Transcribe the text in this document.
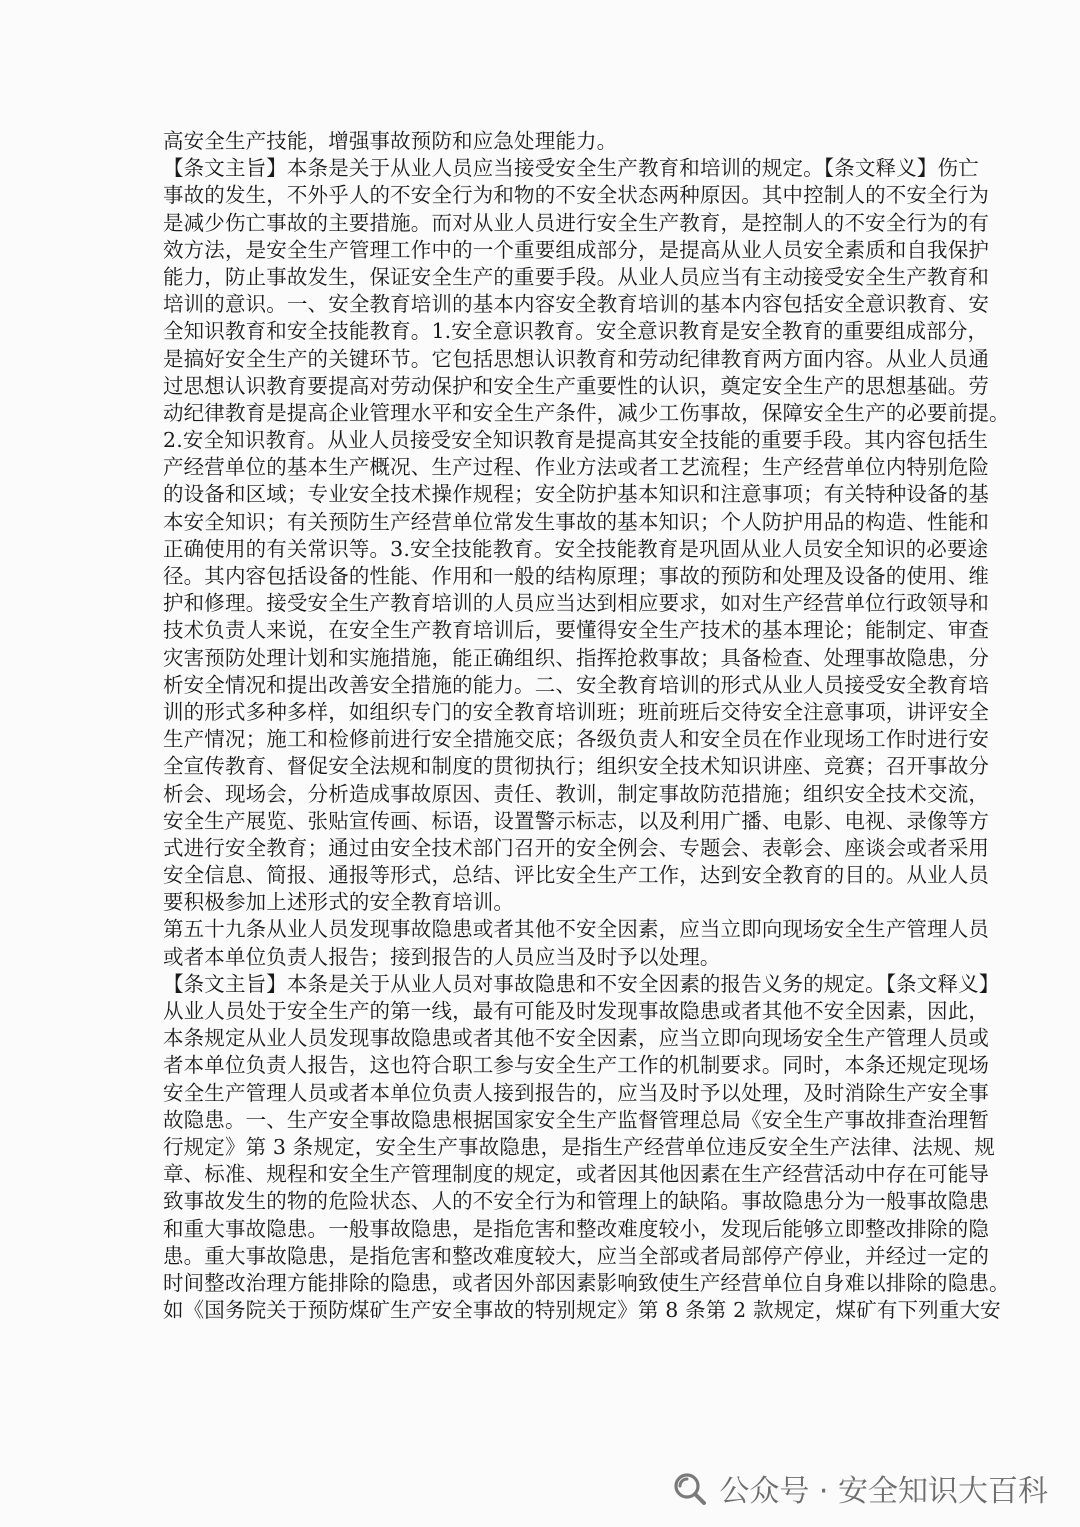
高安全生产技能，增强事故预防和应急处理能力。
【条文主旨】本条是关于从业人员应当接受安全生产教育和培训的规定。【条文释义】伤亡
事故的发生，不外乎人的不安全行为和物的不安全状态两种原因。其中控制人的不安全行为
是减少伤亡事故的主要措施。而对从业人员进行安全生产教育，是控制人的不安全行为的有
效方法，是安全生产管理工作中的一个重要组成部分，是提高从业人员安全素质和自我保护
能力，防止事故发生，保证安全生产的重要手段。从业人员应当有主动接受安全生产教育和
培训的意识。一、安全教育培训的基本内容安全教育培训的基本内容包括安全意识教育、安
全知识教育和安全技能教育。1.安全意识教育。安全意识教育是安全教育的重要组成部分，
是搞好安全生产的关键环节。它包括思想认识教育和劳动纪律教育两方面内容。从业人员通
过思想认识教育要提高对劳动保护和安全生产重要性的认识，奠定安全生产的思想基础。劳
动纪律教育是提高企业管理水平和安全生产条件，减少工伤事故，保障安全生产的必要前提。
2.安全知识教育。从业人员接受安全知识教育是提高其安全技能的重要手段。其内容包括生
产经营单位的基本生产概况、生产过程、作业方法或者工艺流程；生产经营单位内特别危险
的设备和区域；专业安全技术操作规程；安全防护基本知识和注意事项；有关特种设备的基
本安全知识；有关预防生产经营单位常发生事故的基本知识；个人防护用品的构造、性能和
正确使用的有关常识等。3.安全技能教育。安全技能教育是巩固从业人员安全知识的必要途
径。其内容包括设备的性能、作用和一般的结构原理；事故的预防和处理及设备的使用、维
护和修理。接受安全生产教育培训的人员应当达到相应要求，如对生产经营单位行政领导和
技术负责人来说，在安全生产教育培训后，要懂得安全生产技术的基本理论；能制定、审查
灾害预防处理计划和实施措施，能正确组织、指挥抢救事故；具备检查、处理事故隐患，分
析安全情况和提出改善安全措施的能力。二、安全教育培训的形式从业人员接受安全教育培
训的形式多种多样，如组织专门的安全教育培训班；班前班后交待安全注意事项，讲评安全
生产情况；施工和检修前进行安全措施交底；各级负责人和安全员在作业现场工作时进行安
全宣传教育、督促安全法规和制度的贯彻执行；组织安全技术知识讲座、竞赛；召开事故分
析会、现场会，分析造成事故原因、责任、教训，制定事故防范措施；组织安全技术交流，
安全生产展览、张贴宣传画、标语，设置警示标志，以及利用广播、电影、电视、录像等方
式进行安全教育；通过由安全技术部门召开的安全例会、专题会、表彰会、座谈会或者采用
安全信息、简报、通报等形式，总结、评比安全生产工作，达到安全教育的目的。从业人员
要积极参加上述形式的安全教育培训。
第五十九条从业人员发现事故隐患或者其他不安全因素，应当立即向现场安全生产管理人员
或者本单位负责人报告；接到报告的人员应当及时予以处理。
【条文主旨】本条是关于从业人员对事故隐患和不安全因素的报告义务的规定。【条文释义】
从业人员处于安全生产的第一线，最有可能及时发现事故隐患或者其他不安全因素，因此，
本条规定从业人员发现事故隐患或者其他不安全因素，应当立即向现场安全生产管理人员或
者本单位负责人报告，这也符合职工参与安全生产工作的机制要求。同时，本条还规定现场
安全生产管理人员或者本单位负责人接到报告的，应当及时予以处理，及时消除生产安全事
故隐患。一、生产安全事故隐患根据国家安全生产监督管理总局《安全生产事故排查治理暂
行规定》第 3 条规定，安全生产事故隐患，是指生产经营单位违反安全生产法律、法规、规
章、标准、规程和安全生产管理制度的规定，或者因其他因素在生产经营活动中存在可能导
致事故发生的物的危险状态、人的不安全行为和管理上的缺陷。事故隐患分为一般事故隐患
和重大事故隐患。一般事故隐患，是指危害和整改难度较小，发现后能够立即整改排除的隐
患。重大事故隐患，是指危害和整改难度较大，应当全部或者局部停产停业，并经过一定的
时间整改治理方能排除的隐患，或者因外部因素影响致使生产经营单位自身难以排除的隐患。
如《国务院关于预防煤矿生产安全事故的特别规定》第 8 条第 2 款规定，煤矿有下列重大安
公众号 · 安全知识大百科
